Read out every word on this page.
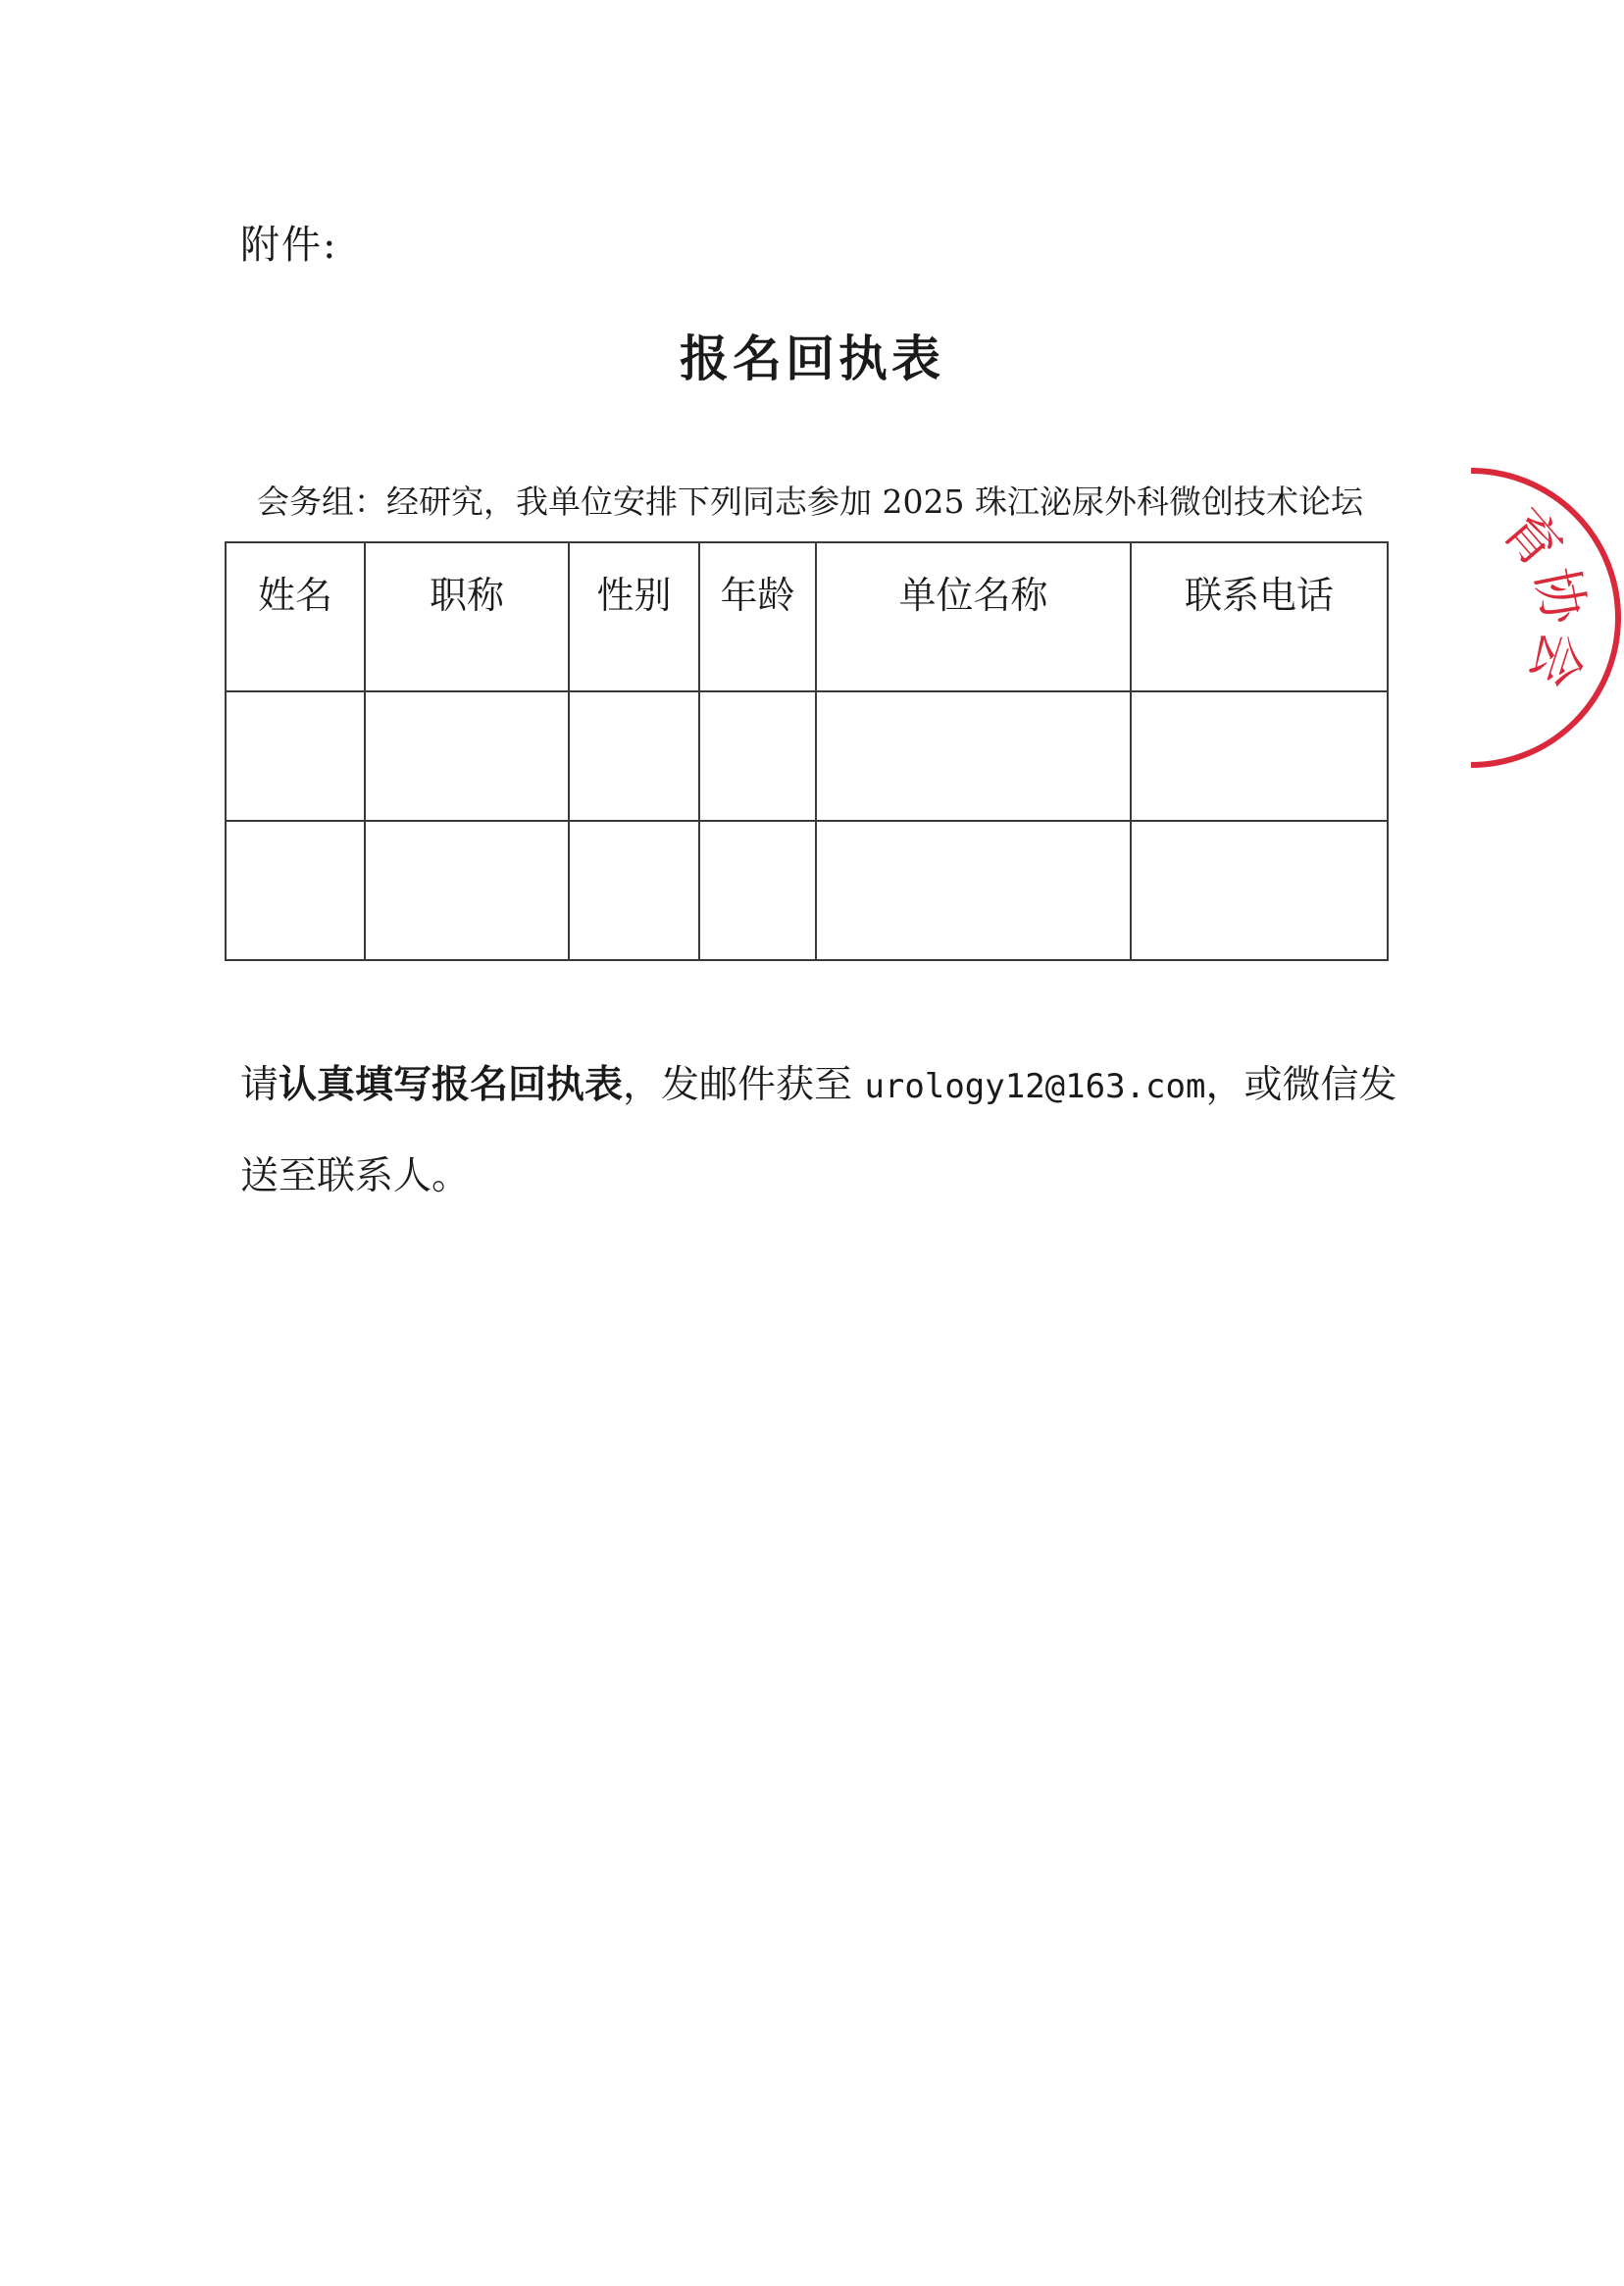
附件:
报名回执表
会务组：经研究，我单位安排下列同志参加 2025 珠江泌尿外科微创技术论坛
姓名	职称	性别	年龄	单位名称	联系电话

请认真填写报名回执表，发邮件获至 urology12@163.com，或微信发送至联系人。
育协会
